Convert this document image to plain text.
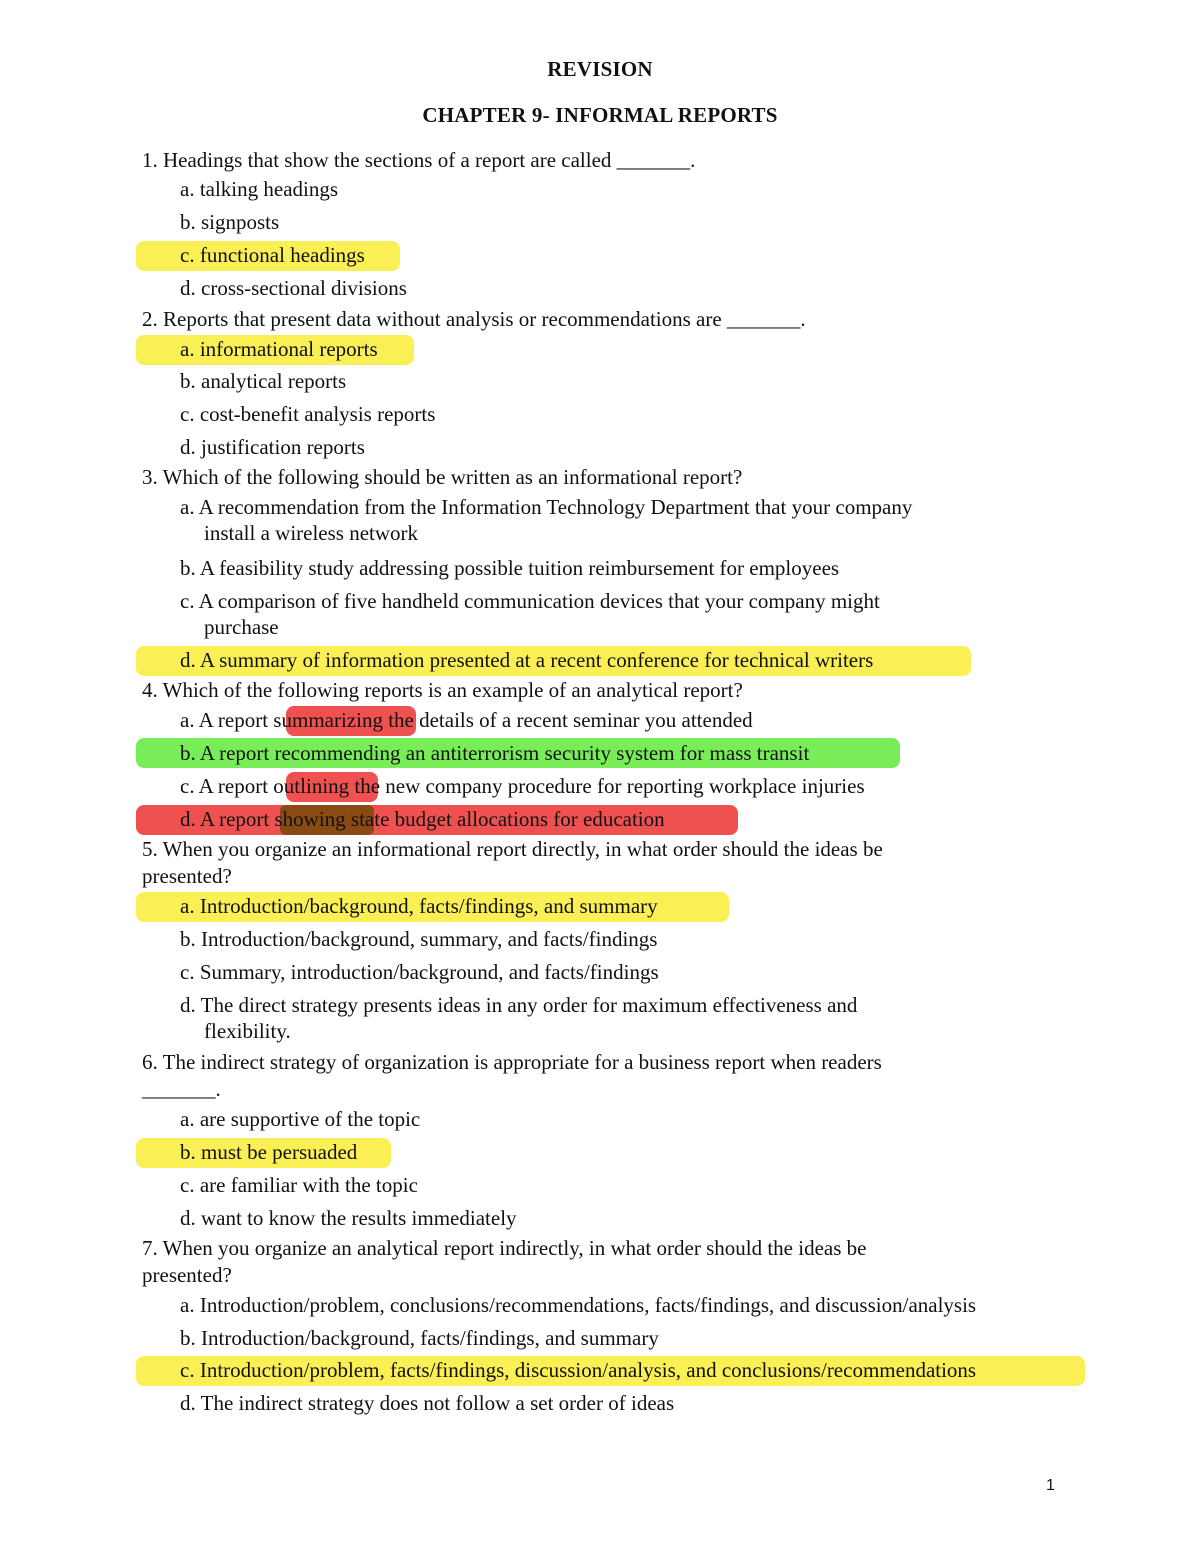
REVISION
CHAPTER 9- INFORMAL REPORTS
1. Headings that show the sections of a report are called _______.
a. talking headings
b. signposts
c. functional headings
d. cross-sectional divisions
2. Reports that present data without analysis or recommendations are _______.
a. informational reports
b. analytical reports
c. cost-benefit analysis reports
d. justification reports
3. Which of the following should be written as an informational report?
a. A recommendation from the Information Technology Department that your company
install a wireless network
b. A feasibility study addressing possible tuition reimbursement for employees
c. A comparison of five handheld communication devices that your company might
purchase
d. A summary of information presented at a recent conference for technical writers
4. Which of the following reports is an example of an analytical report?
a. A report summarizing the details of a recent seminar you attended
b. A report recommending an antiterrorism security system for mass transit
c. A report outlining the new company procedure for reporting workplace injuries
d. A report showing state budget allocations for education
5. When you organize an informational report directly, in what order should the ideas be
presented?
a. Introduction/background, facts/findings, and summary
b. Introduction/background, summary, and facts/findings
c. Summary, introduction/background, and facts/findings
d. The direct strategy presents ideas in any order for maximum effectiveness and
flexibility.
6. The indirect strategy of organization is appropriate for a business report when readers
_______.
a. are supportive of the topic
b. must be persuaded
c. are familiar with the topic
d. want to know the results immediately
7. When you organize an analytical report indirectly, in what order should the ideas be
presented?
a. Introduction/problem, conclusions/recommendations, facts/findings, and discussion/analysis
b. Introduction/background, facts/findings, and summary
c. Introduction/problem, facts/findings, discussion/analysis, and conclusions/recommendations
d. The indirect strategy does not follow a set order of ideas
1
